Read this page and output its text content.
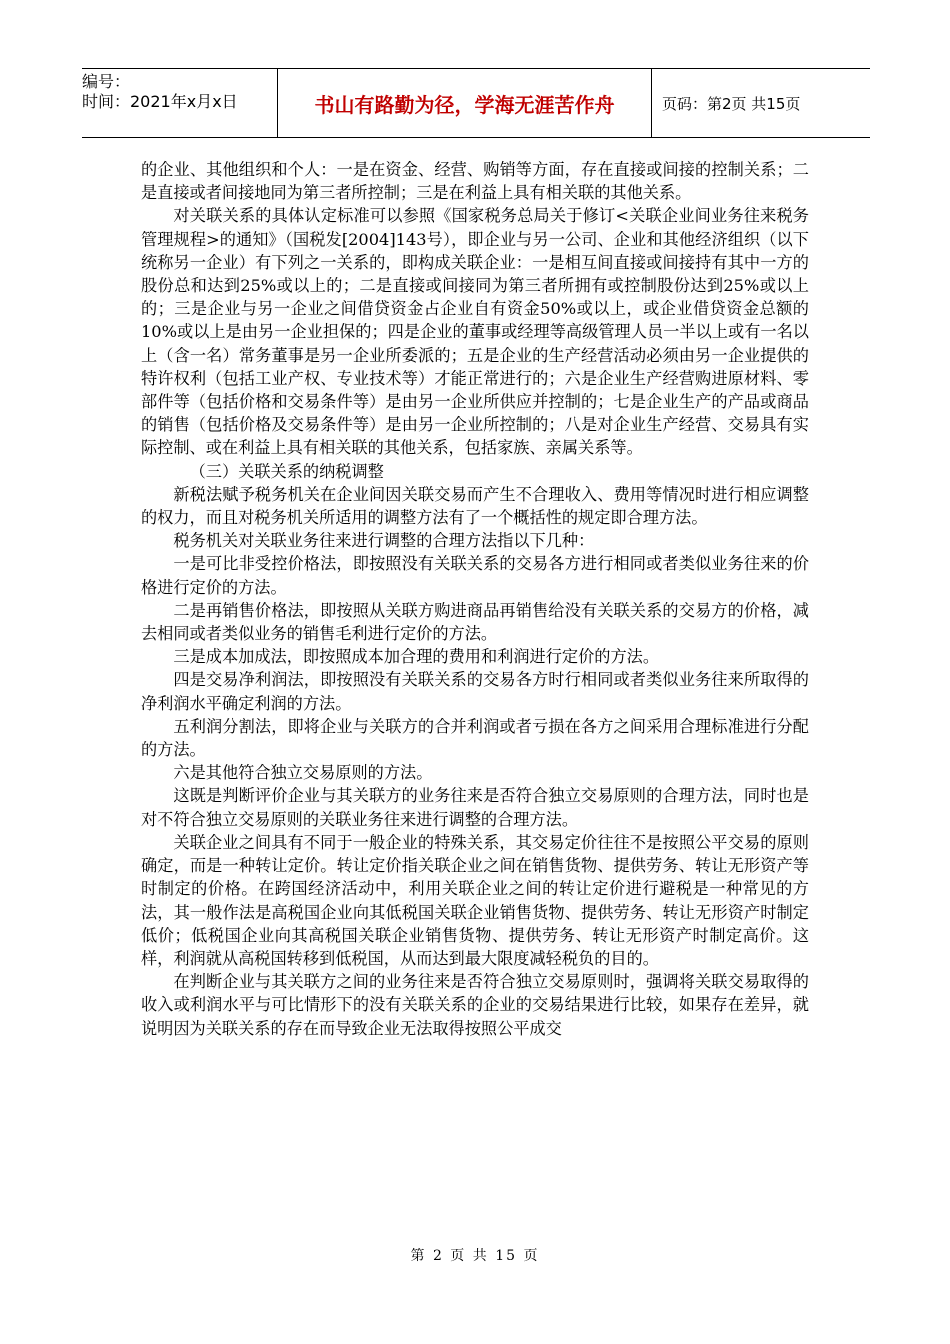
编号：
时间：2021年x月x日	书山有路勤为径，学海无涯苦作舟	页码：第2页 共15页

的企业、其他组织和个人：一是在资金、经营、购销等方面，存在直接或间接的控制关系；二是直接或者间接地同为第三者所控制；三是在利益上具有相关联的其他关系。

对关联关系的具体认定标准可以参照《国家税务总局关于修订<关联企业间业务往来税务管理规程>的通知》（国税发[2004]143号），即企业与另一公司、企业和其他经济组织（以下统称另一企业）有下列之一关系的，即构成关联企业：一是相互间直接或间接持有其中一方的股份总和达到25%或以上的；二是直接或间接同为第三者所拥有或控制股份达到25%或以上的；三是企业与另一企业之间借贷资金占企业自有资金50%或以上，或企业借贷资金总额的10%或以上是由另一企业担保的；四是企业的董事或经理等高级管理人员一半以上或有一名以上（含一名）常务董事是另一企业所委派的；五是企业的生产经营活动必须由另一企业提供的特许权利（包括工业产权、专业技术等）才能正常进行的；六是企业生产经营购进原材料、零部件等（包括价格和交易条件等）是由另一企业所供应并控制的；七是企业生产的产品或商品的销售（包括价格及交易条件等）是由另一企业所控制的；八是对企业生产经营、交易具有实际控制、或在利益上具有相关联的其他关系，包括家族、亲属关系等。

（三）关联关系的纳税调整

新税法赋予税务机关在企业间因关联交易而产生不合理收入、费用等情况时进行相应调整的权力，而且对税务机关所适用的调整方法有了一个概括性的规定即合理方法。

税务机关对关联业务往来进行调整的合理方法指以下几种：

一是可比非受控价格法，即按照没有关联关系的交易各方进行相同或者类似业务往来的价格进行定价的方法。

二是再销售价格法，即按照从关联方购进商品再销售给没有关联关系的交易方的价格，减去相同或者类似业务的销售毛利进行定价的方法。

三是成本加成法，即按照成本加合理的费用和利润进行定价的方法。

四是交易净利润法，即按照没有关联关系的交易各方时行相同或者类似业务往来所取得的净利润水平确定利润的方法。

五利润分割法，即将企业与关联方的合并利润或者亏损在各方之间采用合理标准进行分配的方法。

六是其他符合独立交易原则的方法。

这既是判断评价企业与其关联方的业务往来是否符合独立交易原则的合理方法，同时也是对不符合独立交易原则的关联业务往来进行调整的合理方法。

关联企业之间具有不同于一般企业的特殊关系，其交易定价往往不是按照公平交易的原则确定，而是一种转让定价。转让定价指关联企业之间在销售货物、提供劳务、转让无形资产等时制定的价格。在跨国经济活动中，利用关联企业之间的转让定价进行避税是一种常见的方法，其一般作法是高税国企业向其低税国关联企业销售货物、提供劳务、转让无形资产时制定低价；低税国企业向其高税国关联企业销售货物、提供劳务、转让无形资产时制定高价。这样，利润就从高税国转移到低税国，从而达到最大限度减轻税负的目的。

在判断企业与其关联方之间的业务往来是否符合独立交易原则时，强调将关联交易取得的收入或利润水平与可比情形下的没有关联关系的企业的交易结果进行比较，如果存在差异，就说明因为关联关系的存在而导致企业无法取得按照公平成交

第 2 页 共 15 页
